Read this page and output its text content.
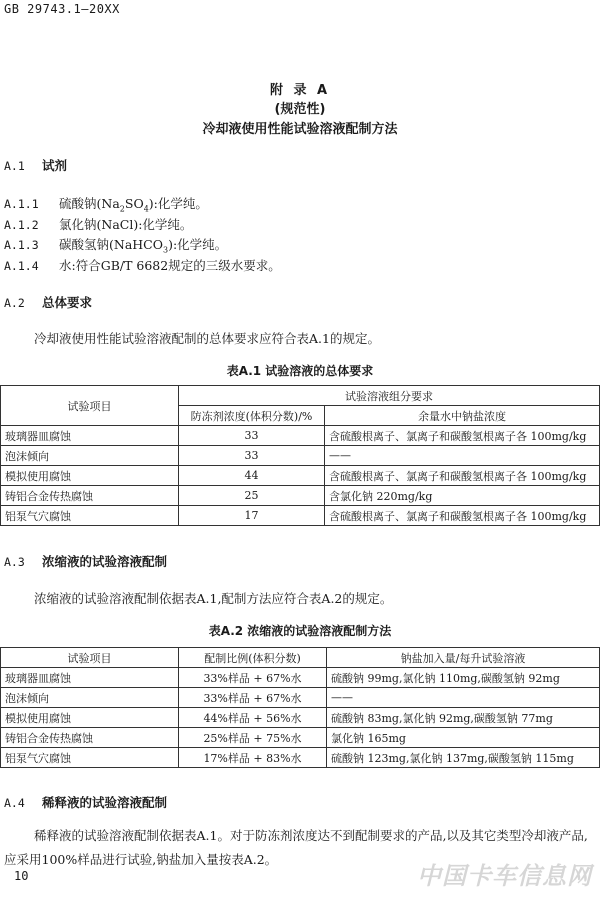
GB 29743.1—20XX
附 录 A
(规范性)
冷却液使用性能试验溶液配制方法
A.1 试剂
A.1.1 硫酸钠$(Na_2SO_4)$:化学纯。
A.1.2 氯化钠(NaCl):化学纯。
A.1.3 碳酸氢钠(NaHCO$_3$):化学纯。
A.1.4 水:符合GB/T 6682规定的三级水要求。
A.2 总体要求
冷却液使用性能试验溶液配制的总体要求应符合表A.1的规定。
表A.1 试验溶液的总体要求
试验项目	试验溶液组分要求	
	防冻剂浓度(体积分数)/%	余量水中钠盐浓度
玻璃器皿腐蚀	33	含硫酸根离子、氯离子和碳酸氢根离子各 100mg/kg
泡沫倾向	33	——
模拟使用腐蚀	44	含硫酸根离子、氯离子和碳酸氢根离子各 100mg/kg
铸铝合金传热腐蚀	25	含氯化钠 220mg/kg
铝泵气穴腐蚀	17	含硫酸根离子、氯离子和碳酸氢根离子各 100mg/kg
A.3 浓缩液的试验溶液配制
浓缩液的试验溶液配制依据表A.1,配制方法应符合表A.2的规定。
表A.2 浓缩液的试验溶液配制方法
试验项目	配制比例(体积分数)	钠盐加入量/每升试验溶液
玻璃器皿腐蚀	33%样品 + 67%水	硫酸钠 99mg,氯化钠 110mg,碳酸氢钠 92mg
泡沫倾向	33%样品 + 67%水	——
模拟使用腐蚀	44%样品 + 56%水	硫酸钠 83mg,氯化钠 92mg,碳酸氢钠 77mg
铸铝合金传热腐蚀	25%样品 + 75%水	氯化钠 165mg
铝泵气穴腐蚀	17%样品 + 83%水	硫酸钠 123mg,氯化钠 137mg,碳酸氢钠 115mg
A.4 稀释液的试验溶液配制
稀释液的试验溶液配制依据表A.1。对于防冻剂浓度达不到配制要求的产品,以及其它类型冷却液产品,应采用100%样品进行试验,钠盐加入量按表A.2。
10	中国卡车信息网
